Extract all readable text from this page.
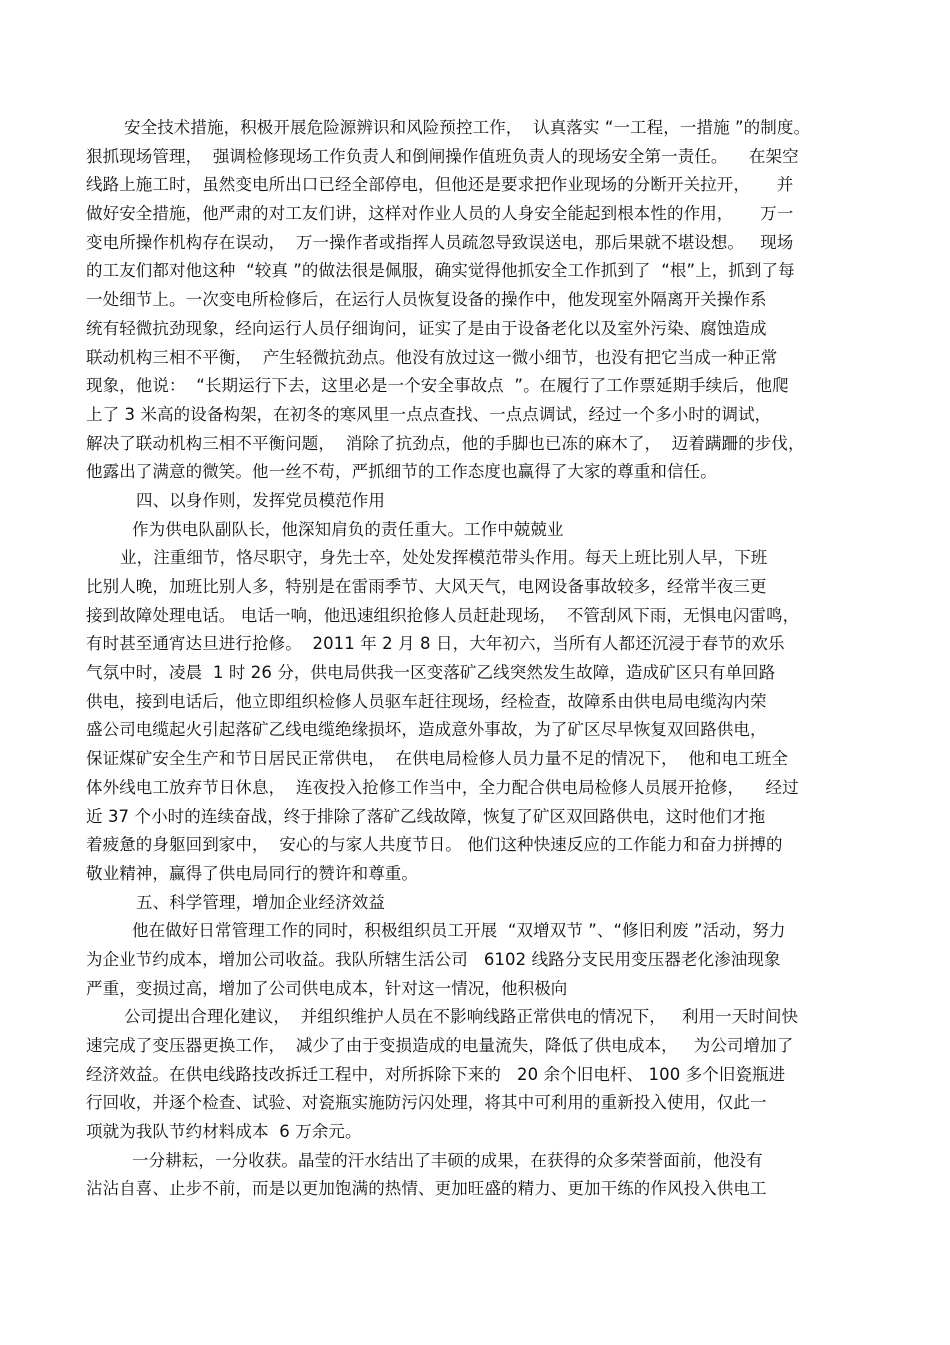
安全技术措施，积极开展危险源辨识和风险预控工作，  认真落实 “一工程，一措施 ”的制度。
狠抓现场管理，  强调检修现场工作负责人和倒闸操作值班负责人的现场安全第一责任。    在架空
线路上施工时，虽然变电所出口已经全部停电，但他还是要求把作业现场的分断开关拉开，     并
做好安全措施，他严肃的对工友们讲，这样对作业人员的人身安全能起到根本性的作用，     万一
变电所操作机构存在误动，  万一操作者或指挥人员疏忽导致误送电，那后果就不堪设想。   现场
的工友们都对他这种  “较真 ”的做法很是佩服，确实觉得他抓安全工作抓到了  “根”上，抓到了每
一处细节上。一次变电所检修后，在运行人员恢复设备的操作中，他发现室外隔离开关操作系
统有轻微抗劲现象，经向运行人员仔细询问，证实了是由于设备老化以及室外污染、腐蚀造成
联动机构三相不平衡，  产生轻微抗劲点。他没有放过这一微小细节，也没有把它当成一种正常
现象，他说：  “长期运行下去，这里必是一个安全事故点  ”。在履行了工作票延期手续后，他爬
上了 3 米高的设备构架，在初冬的寒风里一点点查找、一点点调试，经过一个多小时的调试，
解决了联动机构三相不平衡问题，  消除了抗劲点，他的手脚也已冻的麻木了，  迈着蹒跚的步伐，
他露出了满意的微笑。他一丝不苟，严抓细节的工作态度也赢得了大家的尊重和信任。
四、以身作则，发挥党员模范作用
作为供电队副队长，他深知肩负的责任重大。工作中兢兢业
业，注重细节，恪尽职守，身先士卒，处处发挥模范带头作用。每天上班比别人早，下班
比别人晚，加班比别人多，特别是在雷雨季节、大风天气，电网设备事故较多，经常半夜三更
接到故障处理电话。 电话一响，他迅速组织抢修人员赶赴现场，  不管刮风下雨，无惧电闪雷鸣，
有时甚至通宵达旦进行抢修。  2011 年 2 月 8 日，大年初六，当所有人都还沉浸于春节的欢乐
气氛中时，凌晨  1 时 26 分，供电局供我一区变落矿乙线突然发生故障，造成矿区只有单回路
供电，接到电话后，他立即组织检修人员驱车赶往现场，经检查，故障系由供电局电缆沟内荣
盛公司电缆起火引起落矿乙线电缆绝缘损坏，造成意外事故，为了矿区尽早恢复双回路供电，
保证煤矿安全生产和节日居民正常供电，  在供电局检修人员力量不足的情况下，  他和电工班全
体外线电工放弃节日休息，  连夜投入抢修工作当中，全力配合供电局检修人员展开抢修，    经过
近 37 个小时的连续奋战，终于排除了落矿乙线故障，恢复了矿区双回路供电，这时他们才拖
着疲惫的身躯回到家中，  安心的与家人共度节日。 他们这种快速反应的工作能力和奋力拼搏的
敬业精神，赢得了供电局同行的赞许和尊重。
五、科学管理，增加企业经济效益
他在做好日常管理工作的同时，积极组织员工开展  “双增双节 ”、“修旧利废 ”活动，努力
为企业节约成本，增加公司收益。我队所辖生活公司   6102 线路分支民用变压器老化渗油现象
严重，变损过高，增加了公司供电成本，针对这一情况，他积极向
公司提出合理化建议，  并组织维护人员在不影响线路正常供电的情况下，   利用一天时间快
速完成了变压器更换工作，  减少了由于变损造成的电量流失，降低了供电成本，   为公司增加了
经济效益。在供电线路技改拆迁工程中，对所拆除下来的   20 余个旧电杆、 100 多个旧瓷瓶进
行回收，并逐个检查、试验、对瓷瓶实施防污闪处理，将其中可利用的重新投入使用，仅此一
项就为我队节约材料成本  6 万余元。
一分耕耘，一分收获。晶莹的汗水结出了丰硕的成果，在获得的众多荣誉面前，他没有
沾沾自喜、止步不前，而是以更加饱满的热情、更加旺盛的精力、更加干练的作风投入供电工
